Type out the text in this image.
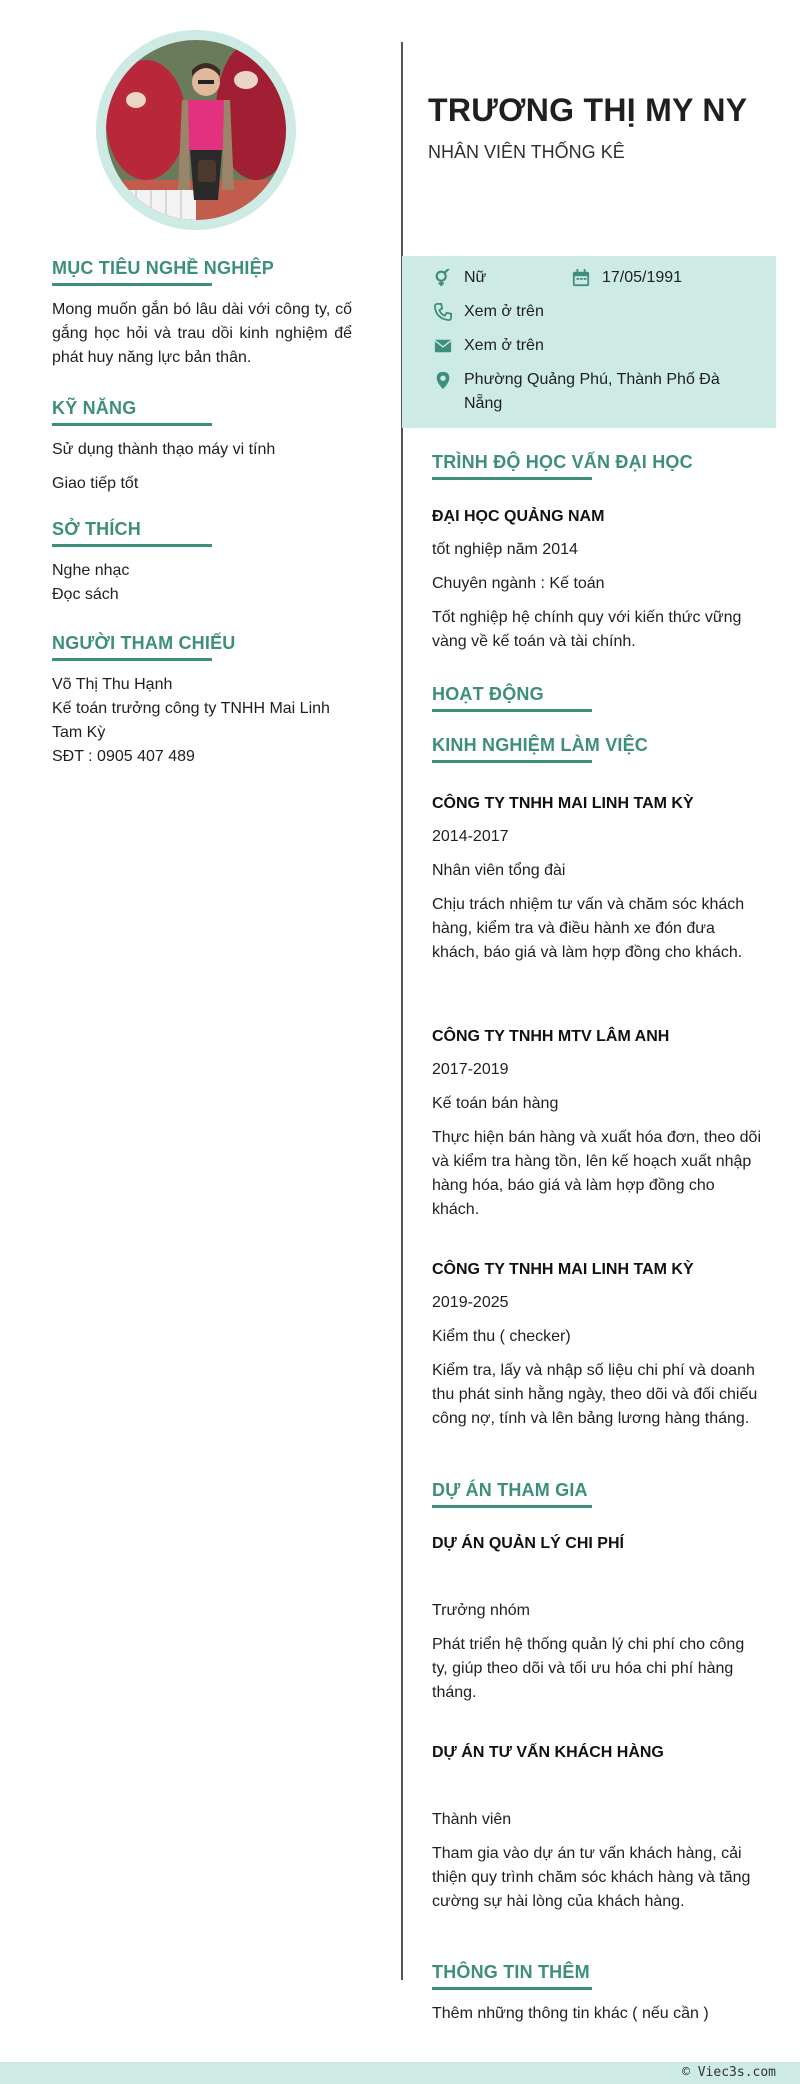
MỤC TIÊU NGHỀ NGHIỆP
Mong muốn gắn bó lâu dài với công ty, cố gắng học hỏi và trau dồi kinh nghiệm để phát huy năng lực bản thân.
KỸ NĂNG
Sử dụng thành thạo máy vi tính
Giao tiếp tốt
SỞ THÍCH
Nghe nhạc
Đọc sách
NGƯỜI THAM CHIẾU
Võ Thị Thu Hạnh
Kế toán trưởng công ty TNHH Mai Linh
Tam Kỳ
SĐT : 0905 407 489
TRƯƠNG THỊ MY NY
NHÂN VIÊN THỐNG KÊ
Nữ	17/05/1991
Xem ở trên
Xem ở trên
Phường Quảng Phú, Thành Phố Đà
Nẵng
TRÌNH ĐỘ HỌC VẤN ĐẠI HỌC
ĐẠI HỌC QUẢNG NAM
tốt nghiệp năm 2014
Chuyên ngành : Kế toán
Tốt nghiệp hệ chính quy với kiến thức vững vàng về kế toán và tài chính.
HOẠT ĐỘNG
KINH NGHIỆM LÀM VIỆC
CÔNG TY TNHH MAI LINH TAM KỲ
2014-2017
Nhân viên tổng đài
Chịu trách nhiệm tư vấn và chăm sóc khách hàng, kiểm tra và điều hành xe đón đưa khách, báo giá và làm hợp đồng cho khách.
CÔNG TY TNHH MTV LÂM ANH
2017-2019
Kế toán bán hàng
Thực hiện bán hàng và xuất hóa đơn, theo dõi và kiểm tra hàng tồn, lên kế hoạch xuất nhập hàng hóa, báo giá và làm hợp đồng cho khách.
CÔNG TY TNHH MAI LINH TAM KỲ
2019-2025
Kiểm thu ( checker)
Kiểm tra, lấy và nhập số liệu chi phí và doanh thu phát sinh hằng ngày, theo dõi và đối chiếu công nợ, tính và lên bảng lương hàng tháng.
DỰ ÁN THAM GIA
DỰ ÁN QUẢN LÝ CHI PHÍ
Trưởng nhóm
Phát triển hệ thống quản lý chi phí cho công ty, giúp theo dõi và tối ưu hóa chi phí hàng tháng.
DỰ ÁN TƯ VẤN KHÁCH HÀNG
Thành viên
Tham gia vào dự án tư vấn khách hàng, cải thiện quy trình chăm sóc khách hàng và tăng cường sự hài lòng của khách hàng.
THÔNG TIN THÊM
Thêm những thông tin khác ( nếu cần )
© Viec3s.com
